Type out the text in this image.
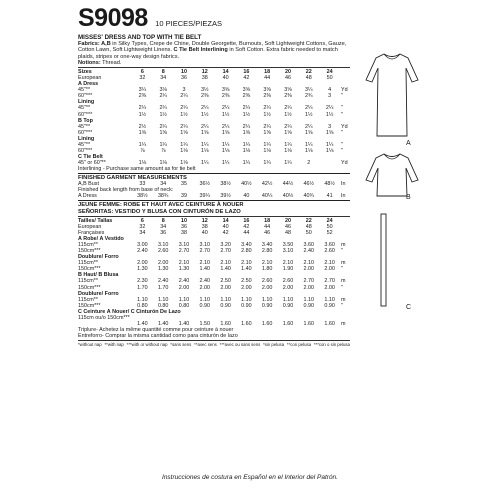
S9098 10 PIECES/PIEZAS
MISSES' DRESS AND TOP WITH TIE BELT
Fabrics: A,B in Silky Types, Crepe de Chine, Double Georgette, Burnouts, Soft Lightweight Cottons, Gauze, Cotton Lawn, Soft Lightweight Linens. C Tie Belt Interlining in Soft Cotton. Extra fabric needed to match plaids, stripes or one-way design fabrics.
Notions: Thread.
Sizes	6	8	10	12	14	16	18	20	22	24	
European	32	34	36	38	40	42	44	46	48	50	
A Dress											
45"**	3¼	3⅛	3	3½	3⅝	3⅝	3⅝	3⅝	3¼	4	Yd
60"***	2⅜	2¼	2¼	2⅜	2⅜	2⅜	2⅜	2⅜	2¾	3	"
Lining											
45"**	2¼	2¼	2¼	2¼	2¼	2¼	2¼	2¼	2¼	2¼	"
60"***	1½	1½	1½	1½	1½	1½	1½	1½	1½	1½	"
B Top											
45"**	2½	2¼	2¼	2¼	2¼	2¼	2¼	2¼	2¼	3	Yd
60"***	1⅝	1⅝	1⅝	1⅝	1⅝	1⅝	1⅝	1⅝	1⅝	1⅝	"
Lining											
45"**	1¼	1¼	1¼	1¼	1¼	1¼	1¼	1¼	1¼	1¼	"
60"***	⅞	⅞	1⅛	1⅛	1⅛	1⅛	1⅛	1⅛	1⅛	1⅛	"
C Tie Belt											
45" or 60"**	1⅛	1⅛	1⅛	1¼	1¼	1¼	1¼	1¼	2		Yd
Interlining - Purchase same amount as for tie belt
FINISHED GARMENT MEASUREMENTS
A,B Bust	33	34	35	36½	38½	40½	42½	44½	46½	48½	In
Finished back length from base of neck:
A Dress	38½	38¾	39	39¼	39½	40	40¼	40½	40¾	41	In
JEUNE FEMME: ROBE ET HAUT AVEC CEINTURE À NOUER
SEÑORITAS: VESTIDO Y BLUSA CON CINTURÓN DE LAZO
Tailles/ Tallas	6	8	10	12	14	16	18	20	22	24	
European	32	34	36	38	40	42	44	46	48	50	
Françaises	34	36	38	40	42	44	46	48	50	52	
A Robe/ A Vestido											
115cm**	3.00	3.10	3.10	3.10	3.20	3.40	3.40	3.50	3.60	3.60	m
150cm***	2.40	2.60	2.70	2.70	2.70	2.80	2.80	3.10	2.40	2.60	"
Doublure/ Forro											
115cm**	2.00	2.00	2.10	2.10	2.10	2.10	2.10	2.10	2.10	2.10	m
150cm***	1.30	1.30	1.30	1.40	1.40	1.40	1.80	1.90	2.00	2.00	"
B Haut/ B Blusa											
115cm**	2.30	2.40	2.40	2.40	2.50	2.50	2.60	2.60	2.70	2.70	m
150cm***	1.70	1.70	2.00	2.00	2.00	2.00	2.00	2.00	2.00	2.00	"
Doublure/ Forro											
115cm**	1.10	1.10	1.10	1.10	1.10	1.10	1.10	1.10	1.10	1.10	m
150cm***	0.80	0.80	0.80	0.90	0.90	0.90	0.90	0.90	0.90	0.90	"
C Ceinture À Nouer/ C Cinturón De Lazo											
115cm ou/o 150cm***											
	1.40	1.40	1.40	1.50	1.60	1.60	1.60	1.60	1.60	1.60	m
Triplure- Achetez la même quantité comme pour ceinture à nouer
Entreforro- Comprar la misma cantidad como para cinturón de lazo
*without nap **with nap ***with or without nap *sans sens **avec sens ***avec ou sans sens *sin pelusa **con pelusa ***con o sin pelusa
A
B
C
Instrucciones de costura en Español en el Interior del Patrón.
